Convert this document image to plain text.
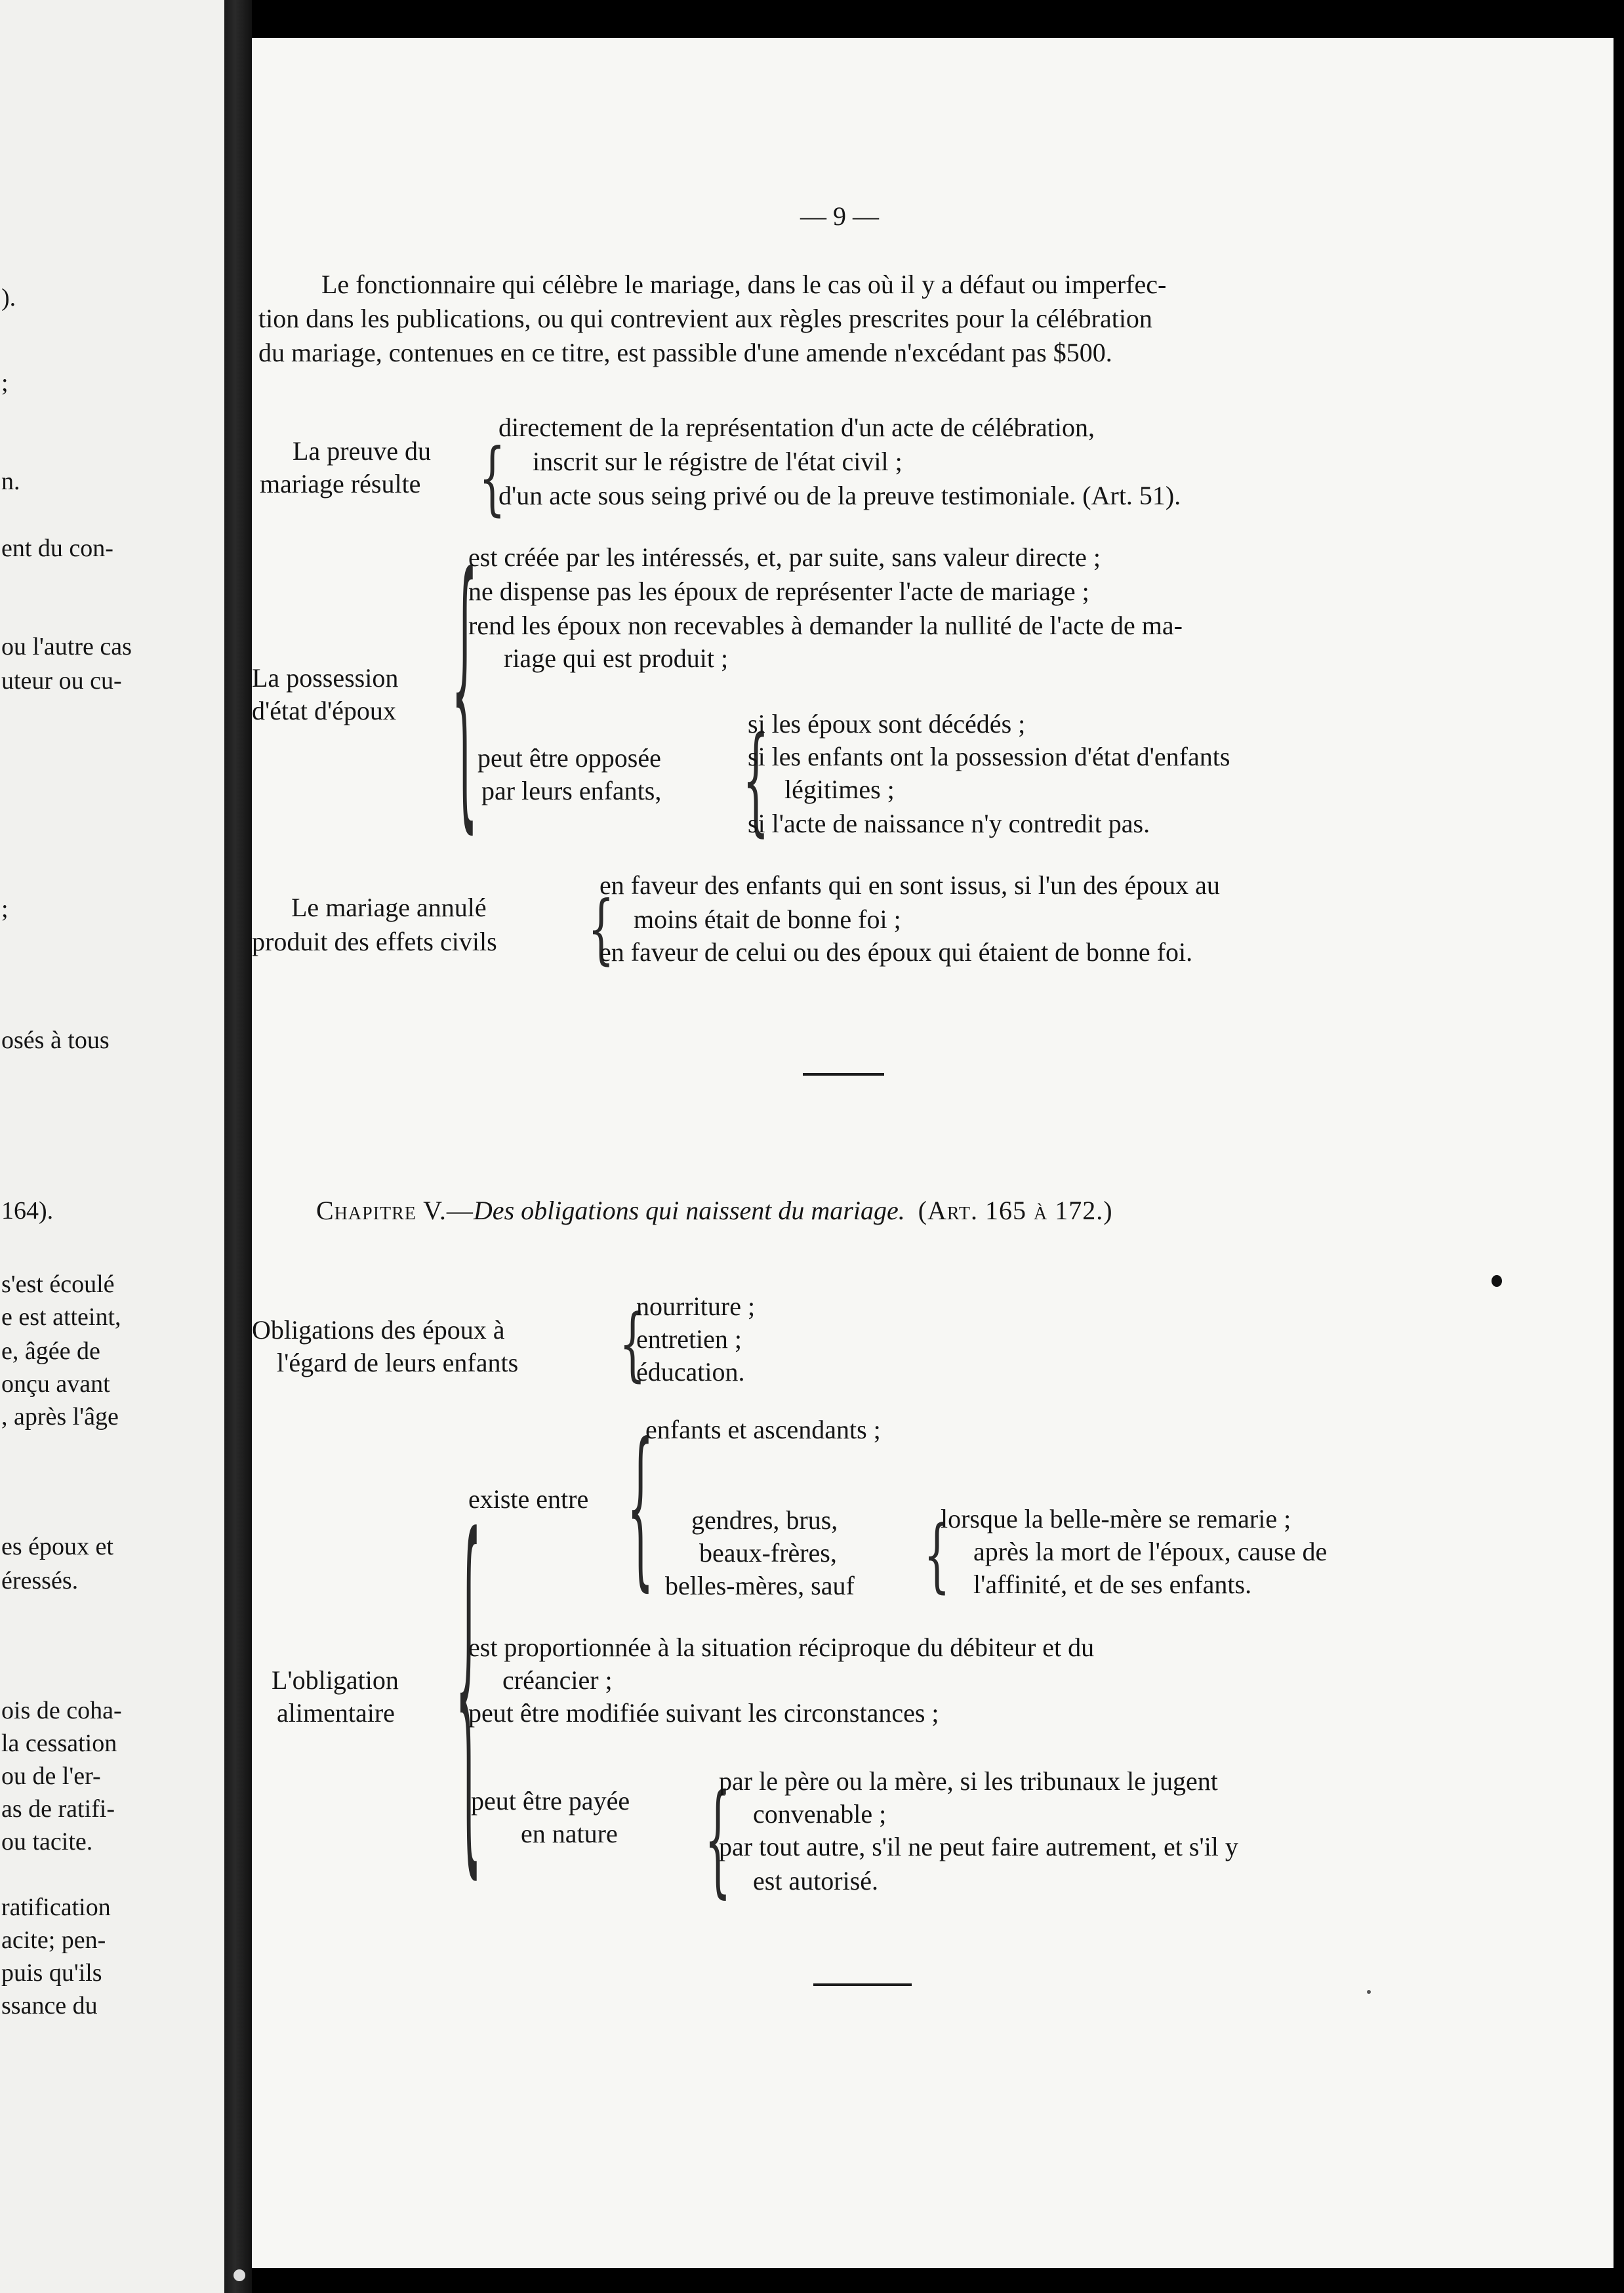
).
;
n.
ent du con-
ou l'autre cas
uteur ou cu-
;
osés à tous
164).
s'est écoulé
e est atteint,
e, âgée de
onçu avant
, après l'âge
es époux et
éressés.
ois de coha-
la cessation
ou de l'er-
as de ratifi-
ou tacite.
ratification
acite; pen-
puis qu'ils
ssance du
— 9 —
Le fonctionnaire qui célèbre le mariage, dans le cas où il y a défaut ou imperfec-
tion dans les publications, ou qui contrevient aux règles prescrites pour la célébration
du mariage, contenues en ce titre, est passible d'une amende n'excédant pas $500.
La preuve du
mariage résulte {
directement de la représentation d'un acte de célébration,
inscrit sur le régistre de l'état civil ;
d'un acte sous seing privé ou de la preuve testimoniale. (Art. 51).
La possession
d'état d'époux {
est créée par les intéressés, et, par suite, sans valeur directe ;
ne dispense pas les époux de représenter l'acte de mariage ;
rend les époux non recevables à demander la nullité de l'acte de ma-
riage qui est produit ;
peut être opposée
par leurs enfants, {
si les époux sont décédés ;
si les enfants ont la possession d'état d'enfants
légitimes ;
si l'acte de naissance n'y contredit pas.
Le mariage annulé
produit des effets civils {
en faveur des enfants qui en sont issus, si l'un des époux au
moins était de bonne foi ;
en faveur de celui ou des époux qui étaient de bonne foi.
Chapitre V.—Des obligations qui naissent du mariage. (Art. 165 à 172.)
Obligations des époux à
l'égard de leurs enfants {
nourriture ;
entretien ;
éducation.
L'obligation
alimentaire {
existe entre {
enfants et ascendants ;
gendres, brus,
beaux-frères,
belles-mères, sauf {
lorsque la belle-mère se remarie ;
après la mort de l'époux, cause de
l'affinité, et de ses enfants.
est proportionnée à la situation réciproque du débiteur et du
créancier ;
peut être modifiée suivant les circonstances ;
peut être payée
en nature {
par le père ou la mère, si les tribunaux le jugent
convenable ;
par tout autre, s'il ne peut faire autrement, et s'il y
est autorisé.
